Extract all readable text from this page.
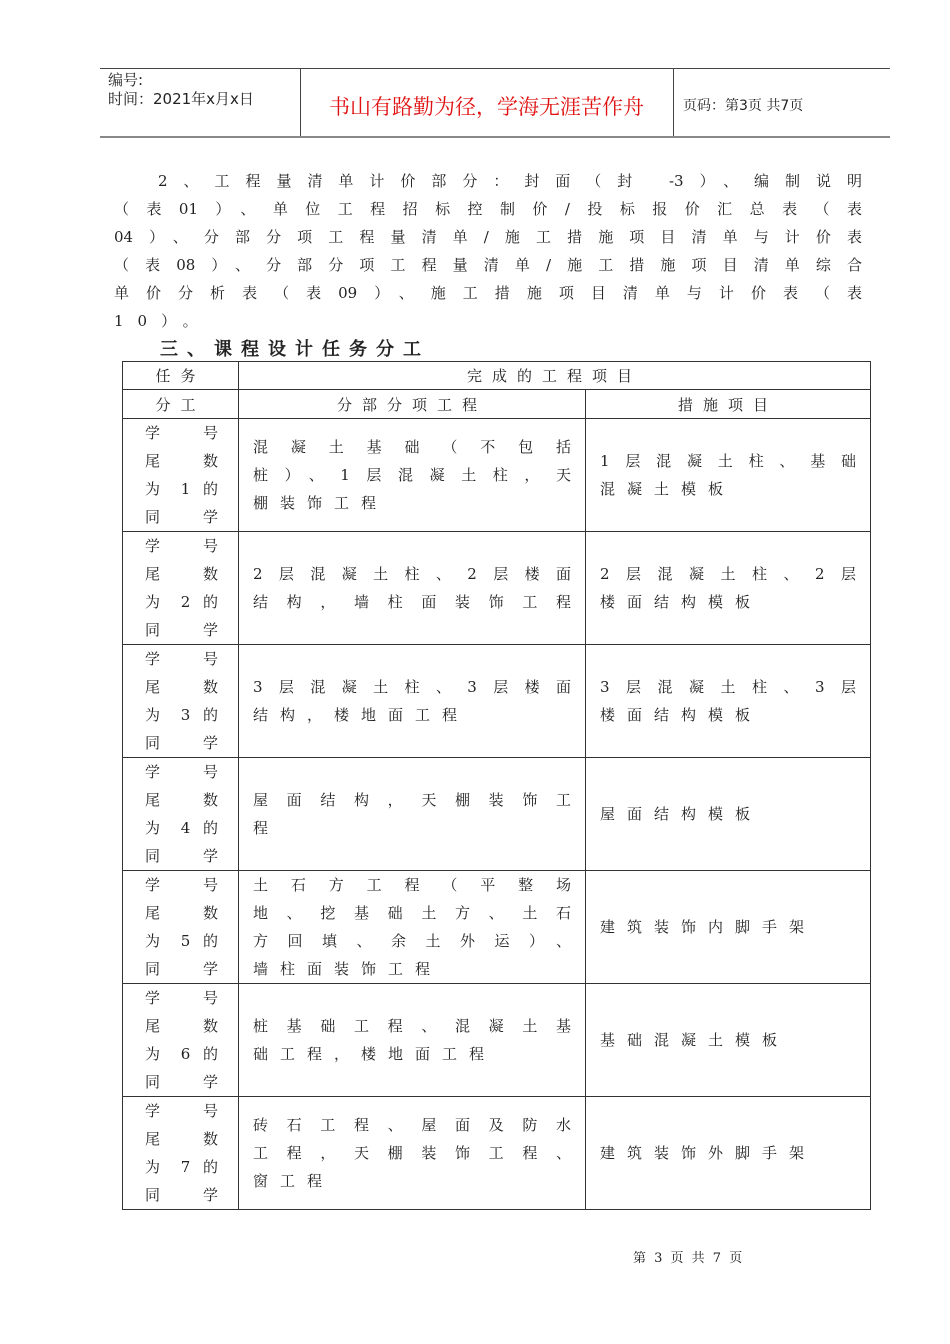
编号:
时间：2021年x月x日	书山有路勤为径，学海无涯苦作舟	页码：第3页 共7页
2、工程量清单计价部分：封面（封 -3）、编制说明
（表01）、单位工程招标控制价/投标报价汇总表（表
04）、分部分项工程量清单/施工措施项目清单与计价表
（表08）、分部分项工程量清单/施工措施项目清单综合
单价分析表（表09）、施工措施项目清单与计价表（表
10）。
三、课程设计任务分工
任务	完成的工程项目	
分工	分部分项工程	措施项目

学　号
尾　数
为 1 的
同学	混凝土基础（不包括
桩）、1层混凝土柱，天
棚装饰工程	1层混凝土柱、基础
混凝土模板

学　号
尾　数
为 2 的
同学	2层混凝土柱、2层楼面
结构，墙柱面装饰工程	2层混凝土柱、2层
楼面结构模板

学　号
尾　数
为 3 的
同学	3层混凝土柱、3层楼面
结构，楼地面工程	3层混凝土柱、3层
楼面结构模板

学　号
尾　数
为 4 的
同学	屋面结构，天棚装饰工
程	屋面结构模板

学　号
尾　数
为 5 的
同学	土石方工程（平整场
地、挖基础土方、土石
方回填、余土外运）、
墙柱面装饰工程	建筑装饰内脚手架

学　号
尾　数
为 6 的
同学	桩基础工程、混凝土基
础工程，楼地面工程	基础混凝土模板

学　号
尾　数
为 7 的
同学	砖石工程、屋面及防水
工程，天棚装饰工程、
窗工程	建筑装饰外脚手架
第 3 页 共 7 页
